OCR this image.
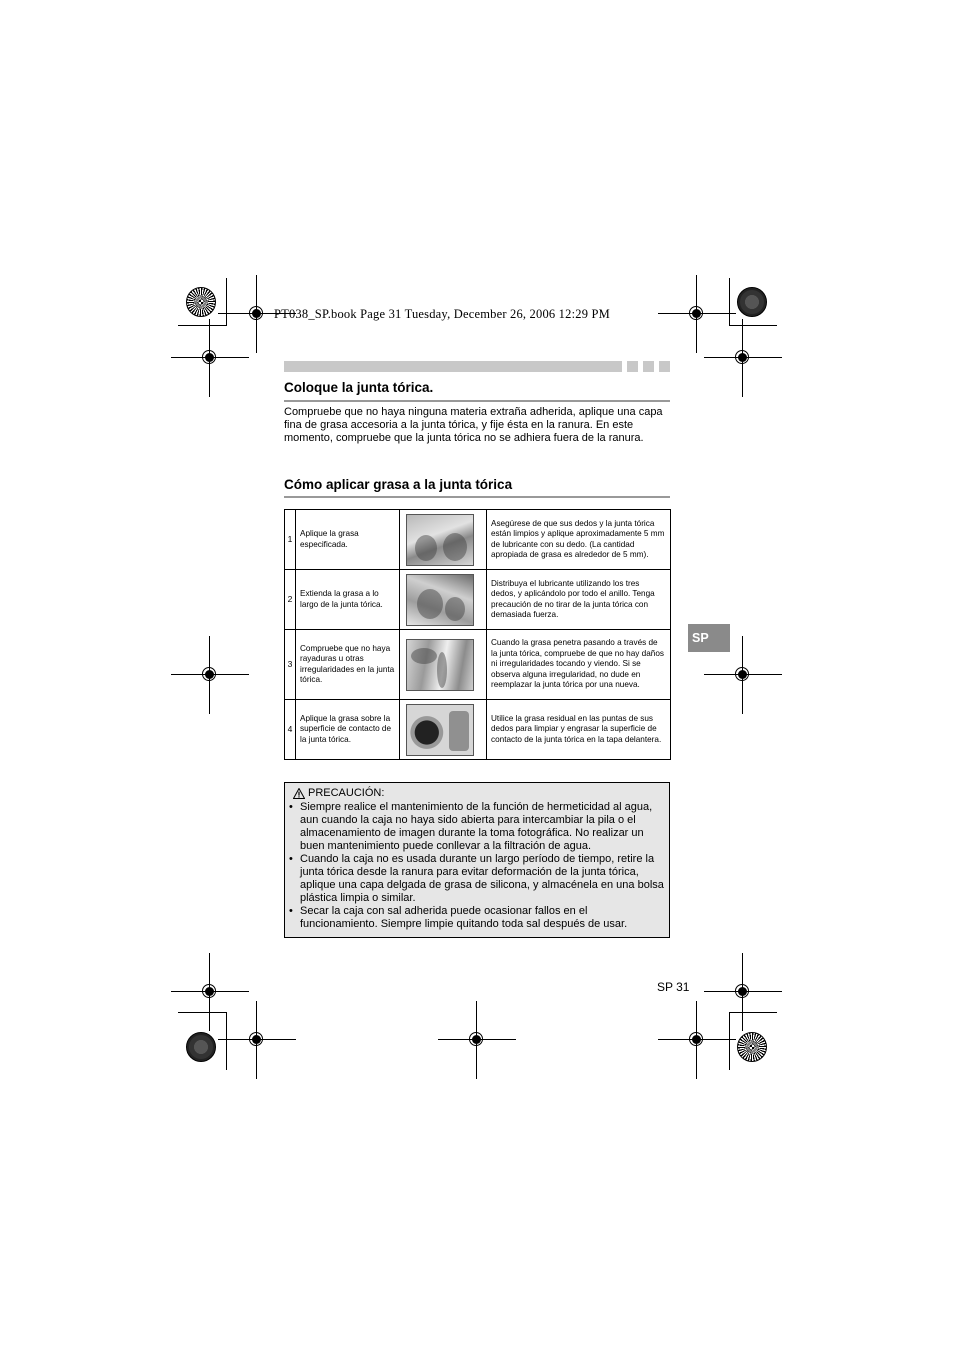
PT038_SP.book Page 31 Tuesday, December 26, 2006 12:29 PM
Coloque la junta tórica.
Compruebe que no haya ninguna materia extraña adherida, aplique una capa fina de grasa accesoria a la junta tórica, y fije ésta en la ranura. En este momento, compruebe que la junta tórica no se adhiera fuera de la ranura.
Cómo aplicar grasa a la junta tórica
1	Aplique la grasa especificada.		Asegúrese de que sus dedos y la junta tórica están limpios y aplique aproximadamente 5 mm de lubricante con su dedo. (La cantidad apropiada de grasa es alrededor de 5 mm).
2	Extienda la grasa a lo largo de la junta tórica.		Distribuya el lubricante utilizando los tres dedos, y aplicándolo por todo el anillo. Tenga precaución de no tirar de la junta tórica con demasiada fuerza.
3	Compruebe que no haya rayaduras u otras irregularidades en la junta tórica.		Cuando la grasa penetra pasando a través de la junta tórica, compruebe de que no hay daños ni irregularidades tocando y viendo. Si se observa alguna irregularidad, no dude en reemplazar la junta tórica por una nueva.
4	Aplique la grasa sobre la superficie de contacto de la junta tórica.		Utilice la grasa residual en las puntas de sus dedos para limpiar y engrasar la superficie de contacto de la junta tórica en la tapa delantera.
PRECAUCIÓN:
• Siempre realice el mantenimiento de la función de hermeticidad al agua, aun cuando la caja no haya sido abierta para intercambiar la pila o el almacenamiento de imagen durante la toma fotográfica. No realizar un buen mantenimiento puede conllevar a la filtración de agua.
• Cuando la caja no es usada durante un largo período de tiempo, retire la junta tórica desde la ranura para evitar deformación de la junta tórica, aplique una capa delgada de grasa de silicona, y almacénela en una bolsa plástica limpia o similar.
• Secar la caja con sal adherida puede ocasionar fallos en el funcionamiento. Siempre limpie quitando toda sal después de usar.
SP
SP 31
